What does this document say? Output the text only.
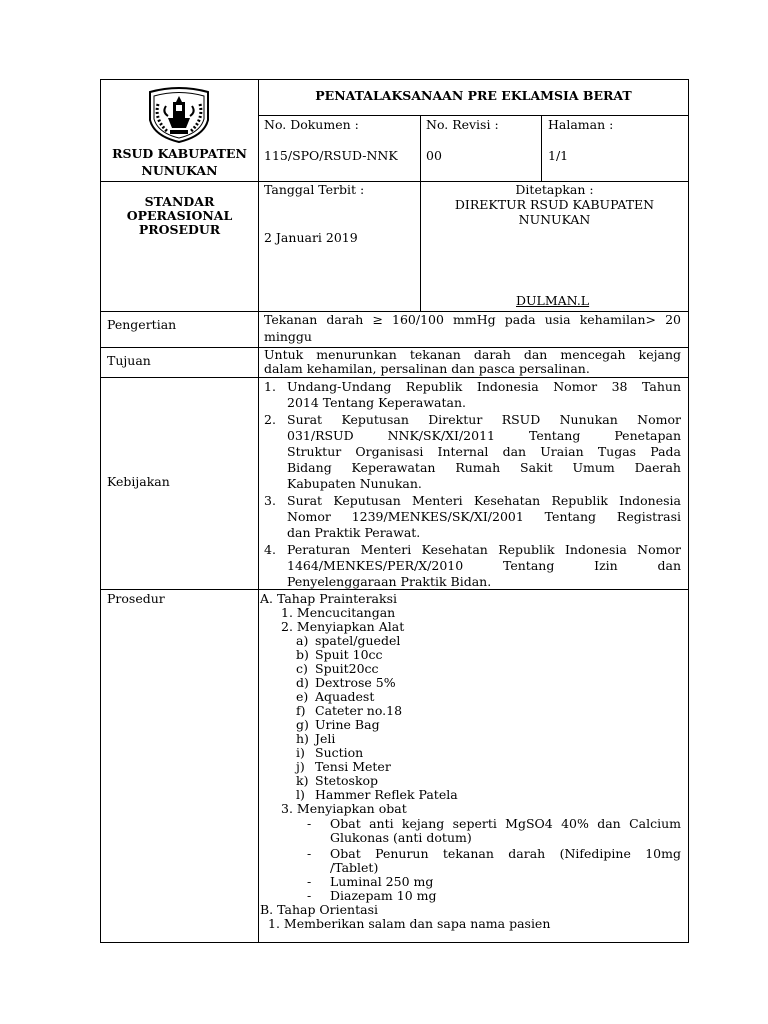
RSUD KABUPATEN
NUNUKAN
STANDAR
OPERASIONAL
PROSEDUR
PENATALAKSANAAN PRE EKLAMSIA BERAT
No. Dokumen :
115/SPO/RSUD-NNK
No. Revisi :
00
Halaman :
1/1
Tanggal Terbit :
2 Januari 2019
Ditetapkan :
DIREKTUR RSUD KABUPATEN
NUNUKAN
DULMAN.L
Pengertian	Tekanan darah ≥ 160/100 mmHg pada usia kehamilan> 20
minggu
Tujuan	Untuk menurunkan tekanan darah dan mencegah kejang
dalam kehamilan, persalinan dan pasca persalinan.
Kebijakan
1. Undang-Undang Republik Indonesia Nomor 38 Tahun
2014 Tentang Keperawatan.
2. Surat Keputusan Direktur RSUD Nunukan Nomor
031/RSUD NNK/SK/XI/2011 Tentang Penetapan
Struktur Organisasi Internal dan Uraian Tugas Pada
Bidang Keperawatan Rumah Sakit Umum Daerah
Kabupaten Nunukan.
3. Surat Keputusan Menteri Kesehatan Republik Indonesia
Nomor 1239/MENKES/SK/XI/2001 Tentang Registrasi
dan Praktik Perawat.
4. Peraturan Menteri Kesehatan Republik Indonesia Nomor
1464/MENKES/PER/X/2010 Tentang Izin dan
Penyelenggaraan Praktik Bidan.
Prosedur	A. Tahap Prainteraksi
1. Mencucitangan
2. Menyiapkan Alat
a) spatel/guedel
b) Spuit 10cc
c) Spuit20cc
d) Dextrose 5%
e) Aquadest
f) Cateter no.18
g) Urine Bag
h) Jeli
i) Suction
j) Tensi Meter
k) Stetoskop
l) Hammer Reflek Patela
3. Menyiapkan obat
- Obat anti kejang seperti MgSO4 40% dan Calcium
Glukonas (anti dotum)
- Obat Penurun tekanan darah (Nifedipine 10mg
/Tablet)
- Luminal 250 mg
- Diazepam 10 mg
B. Tahap Orientasi
1. Memberikan salam dan sapa nama pasien
